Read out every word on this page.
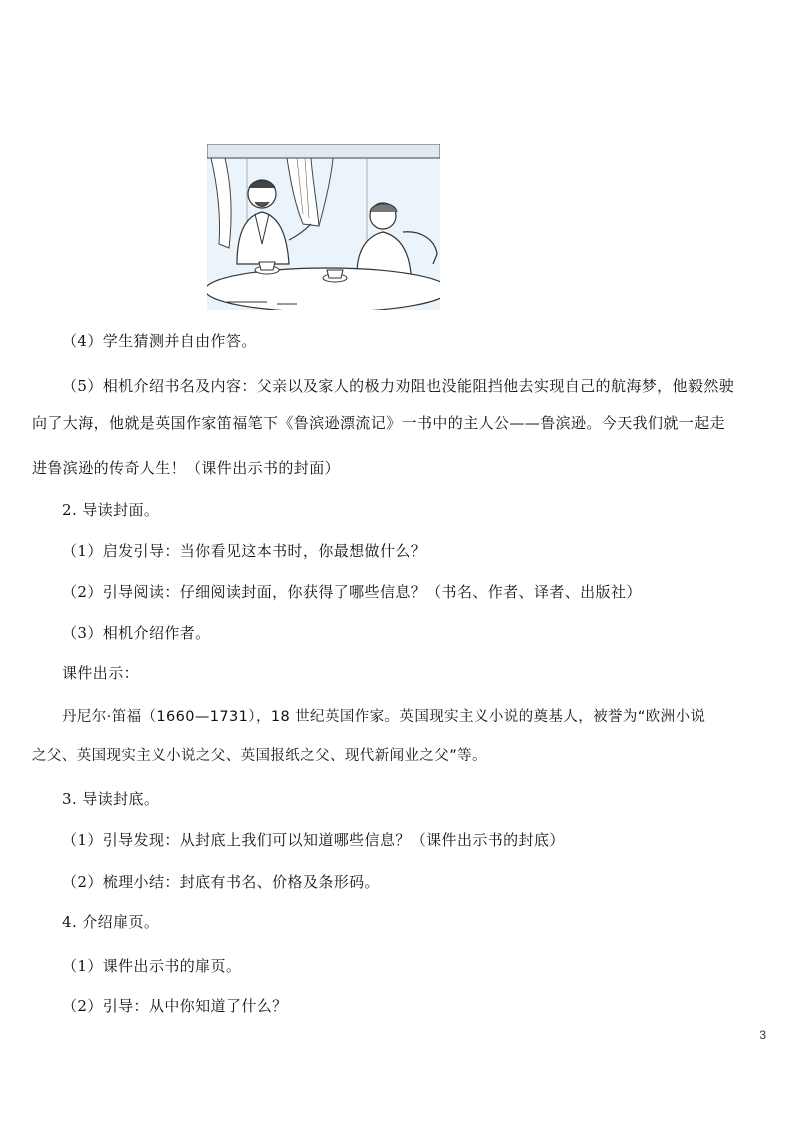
（4）学生猜测并自由作答。
（5）相机介绍书名及内容：父亲以及家人的极力劝阻也没能阻挡他去实现自己的航海梦，他毅然驶
向了大海，他就是英国作家笛福笔下《鲁滨逊漂流记》一书中的主人公——鲁滨逊。今天我们就一起走
进鲁滨逊的传奇人生！（课件出示书的封面）
2. 导读封面。
（1）启发引导：当你看见这本书时，你最想做什么？
（2）引导阅读：仔细阅读封面，你获得了哪些信息？（书名、作者、译者、出版社）
（3）相机介绍作者。
课件出示：
丹尼尔·笛福（1660—1731），18 世纪英国作家。英国现实主义小说的奠基人，被誉为“欧洲小说
之父、英国现实主义小说之父、英国报纸之父、现代新闻业之父”等。
3. 导读封底。
（1）引导发现：从封底上我们可以知道哪些信息？（课件出示书的封底）
（2）梳理小结：封底有书名、价格及条形码。
4. 介绍扉页。
（1）课件出示书的扉页。
（2）引导：从中你知道了什么？
3
